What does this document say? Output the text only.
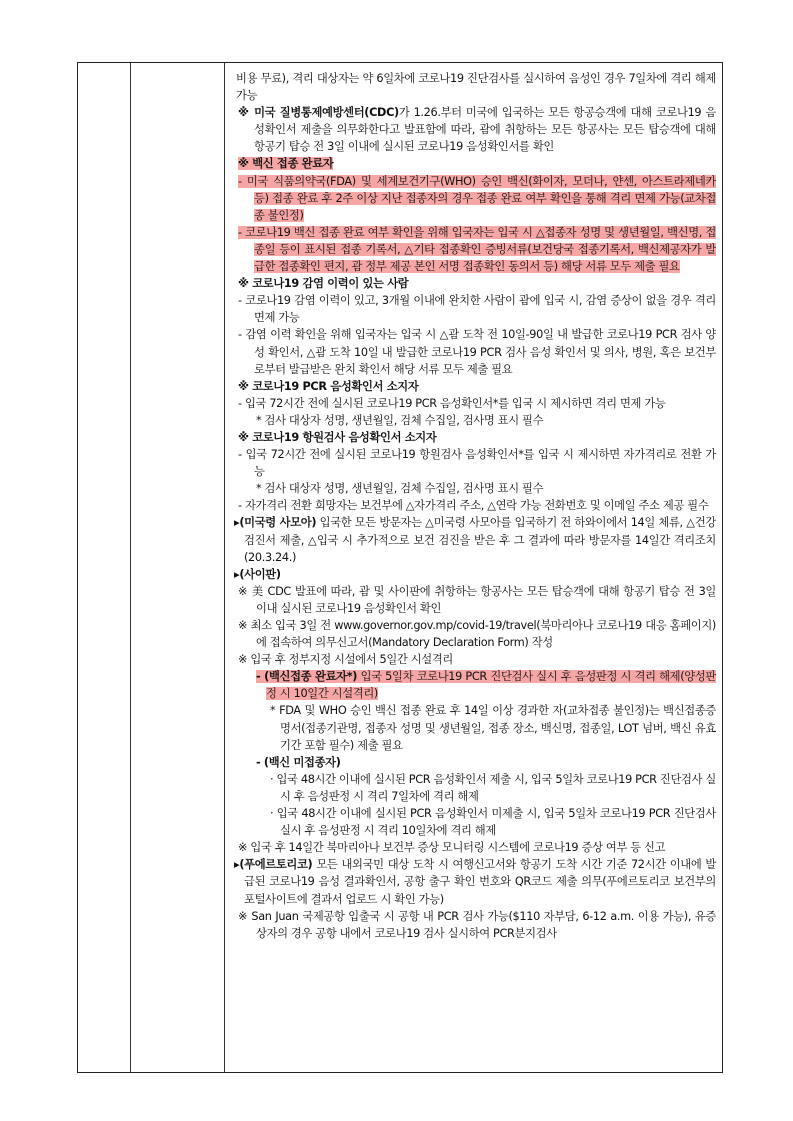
비용 무료), 격리 대상자는 약 6일차에 코로나19 진단검사를 실시하여 음성인 경우 7일차에 격리 해제 가능

※ 미국 질병통제예방센터(CDC)가 1.26.부터 미국에 입국하는 모든 항공승객에 대해 코로나19 음성확인서 제출을 의무화한다고 발표함에 따라, 괌에 취항하는 모든 항공사는 모든 탑승객에 대해 항공기 탑승 전 3일 이내에 실시된 코로나19 음성확인서를 확인

※ 백신 접종 완료자

- 미국 식품의약국(FDA) 및 세계보건기구(WHO) 승인 백신(화이자, 모더나, 얀센, 아스트라제네카 등) 접종 완료 후 2주 이상 지난 접종자의 경우 접종 완료 여부 확인을 통해 격리 면제 가능(교차접종 불인정)

- 코로나19 백신 접종 완료 여부 확인을 위해 입국자는 입국 시 △접종자 성명 및 생년월일, 백신명, 접종일 등이 표시된 접종 기록서, △기타 접종확인 증빙서류(보건당국 접종기록서, 백신제공자가 발급한 접종확인 편지, 괌 정부 제공 본인 서명 접종확인 동의서 등) 해당 서류 모두 제출 필요

※ 코로나19 감염 이력이 있는 사람

- 코로나19 감염 이력이 있고, 3개월 이내에 완치한 사람이 괌에 입국 시, 감염 증상이 없을 경우 격리 면제 가능

- 감염 이력 확인을 위해 입국자는 입국 시 △괌 도착 전 10일-90일 내 발급한 코로나19 PCR 검사 양성 확인서, △괌 도착 10일 내 발급한 코로나19 PCR 검사 음성 확인서 및 의사, 병원, 혹은 보건부로부터 발급받은 완치 확인서 해당 서류 모두 제출 필요

※ 코로나19 PCR 음성확인서 소지자

- 입국 72시간 전에 실시된 코로나19 PCR 음성확인서*를 입국 시 제시하면 격리 면제 가능

* 검사 대상자 성명, 생년월일, 검체 수집일, 검사명 표시 필수

※ 코로나19 항원검사 음성확인서 소지자

- 입국 72시간 전에 실시된 코로나19 항원검사 음성확인서*를 입국 시 제시하면 자가격리로 전환 가능

* 검사 대상자 성명, 생년월일, 검체 수집일, 검사명 표시 필수

- 자가격리 전환 희망자는 보건부에 △자가격리 주소, △연락 가능 전화번호 및 이메일 주소 제공 필수

▸(미국령 사모아) 입국한 모든 방문자는 △미국령 사모아를 입국하기 전 하와이에서 14일 체류, △건강검진서 제출, △입국 시 추가적으로 보건 검진을 받은 후 그 결과에 따라 방문자를 14일간 격리조치(20.3.24.)

▸(사이판)

※ 美 CDC 발표에 따라, 괌 및 사이판에 취항하는 항공사는 모든 탑승객에 대해 항공기 탑승 전 3일 이내 실시된 코로나19 음성확인서 확인

※ 최소 입국 3일 전 www.governor.gov.mp/covid-19/travel(북마리아나 코로나19 대응 홈페이지)에 접속하여 의무신고서(Mandatory Declaration Form) 작성

※ 입국 후 정부지정 시설에서 5일간 시설격리

- (백신접종 완료자*) 입국 5일차 코로나19 PCR 진단검사 실시 후 음성판정 시 격리 해제(양성판정 시 10일간 시설격리)

* FDA 및 WHO 승인 백신 접종 완료 후 14일 이상 경과한 자(교차접종 불인정)는 백신접종증명서(접종기관명, 접종자 성명 및 생년월일, 접종 장소, 백신명, 접종일, LOT 넘버, 백신 유효기간 포함 필수) 제출 필요

- (백신 미접종자)

· 입국 48시간 이내에 실시된 PCR 음성확인서 제출 시, 입국 5일차 코로나19 PCR 진단검사 실시 후 음성판정 시 격리 7일차에 격리 해제

· 입국 48시간 이내에 실시된 PCR 음성확인서 미제출 시, 입국 5일차 코로나19 PCR 진단검사 실시 후 음성판정 시 격리 10일차에 격리 해제

※ 입국 후 14일간 북마리아나 보건부 증상 모니터링 시스템에 코로나19 증상 여부 등 신고

▸(푸에르토리코) 모든 내외국민 대상 도착 시 여행신고서와 항공기 도착 시간 기준 72시간 이내에 발급된 코로나19 음성 결과확인서, 공항 출구 확인 번호와 QR코드 제출 의무(푸에르토리코 보건부의 포털사이트에 결과서 업로드 시 확인 가능)

※ San Juan 국제공항 입출국 시 공항 내 PCR 검사 가능($110 자부담, 6-12 a.m. 이용 가능), 유증상자의 경우 공항 내에서 코로나19 검사 실시하여 PCR분지검사
